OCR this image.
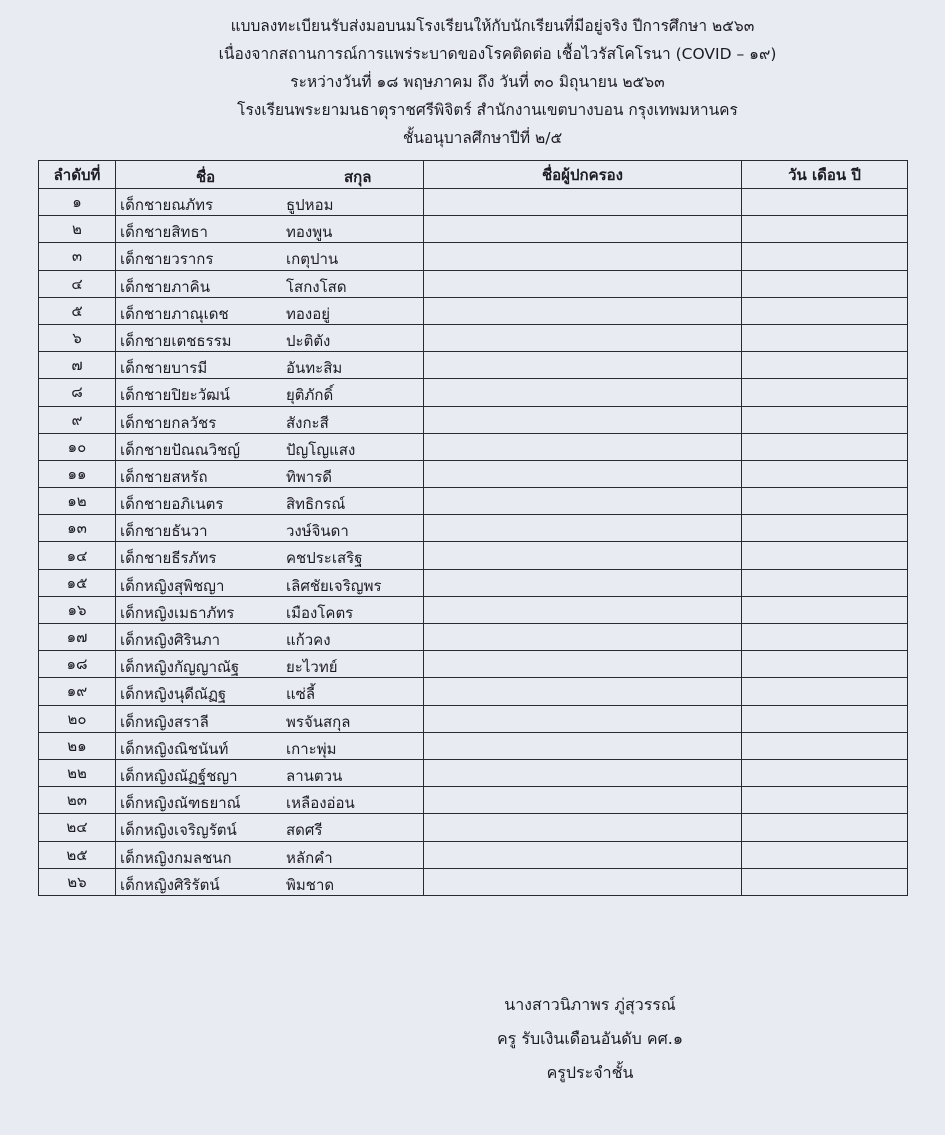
แบบลงทะเบียนรับส่งมอบนมโรงเรียนให้กับนักเรียนที่มีอยู่จริง ปีการศึกษา ๒๕๖๓
เนื่องจากสถานการณ์การแพร่ระบาดของโรคติดต่อ เชื้อไวรัสโคโรนา (COVID – ๑๙)
ระหว่างวันที่ ๑๘ พฤษภาคม ถึง วันที่ ๓๐ มิถุนายน ๒๕๖๓
โรงเรียนพระยามนธาตุราชศรีพิจิตร์ สำนักงานเขตบางบอน กรุงเทพมหานคร
ชั้นอนุบาลศึกษาปีที่ ๒/๕
ลำดับที่	ชื่อ สกุล	ชื่อผู้ปกครอง	วัน เดือน ปี
๑	เด็กชายณภัทร ธูปหอม		

๒	เด็กชายสิทธา ทองพูน		

๓	เด็กชายวรากร เกตุปาน		

๔	เด็กชายภาคิน โสกงโสด		

๕	เด็กชายภาณุเดช ทองอยู่		

๖	เด็กชายเตชธรรม ปะติตัง		

๗	เด็กชายบารมี อันทะสิม		

๘	เด็กชายปิยะวัฒน์ ยุติภักดิ์		

๙	เด็กชายกลวัชร สังกะสี		

๑๐	เด็กชายปัณณวิชญ์ ปัญโญแสง		

๑๑	เด็กชายสหรัถ ทิพารดี		

๑๒	เด็กชายอภิเนตร สิทธิกรณ์		

๑๓	เด็กชายธันวา วงษ์จินดา		

๑๔	เด็กชายธีรภัทร คชประเสริฐ		

๑๕	เด็กหญิงสุพิชญา เลิศชัยเจริญพร		

๑๖	เด็กหญิงเมธาภัทร เมืองโคตร		

๑๗	เด็กหญิงศิรินภา แก้วคง		

๑๘	เด็กหญิงกัญญาณัฐ ยะไวทย์		

๑๙	เด็กหญิงนุดีณัฏฐ แซ่ลี้		

๒๐	เด็กหญิงสราลี พรจันสกุล		

๒๑	เด็กหญิงณิชนันท์ เกาะพุ่ม		

๒๒	เด็กหญิงณัฏฐ์ชญา ลานตวน		

๒๓	เด็กหญิงณัฑธยาณ์ เหลืองอ่อน		

๒๔	เด็กหญิงเจริญรัตน์ สดศรี		

๒๕	เด็กหญิงกมลชนก หลักคำ		

๒๖	เด็กหญิงศิริรัตน์ พิมชาด		

นางสาวนิภาพร ภู่สุวรรณ์
ครู รับเงินเดือนอันดับ คศ.๑
ครูประจำชั้น
